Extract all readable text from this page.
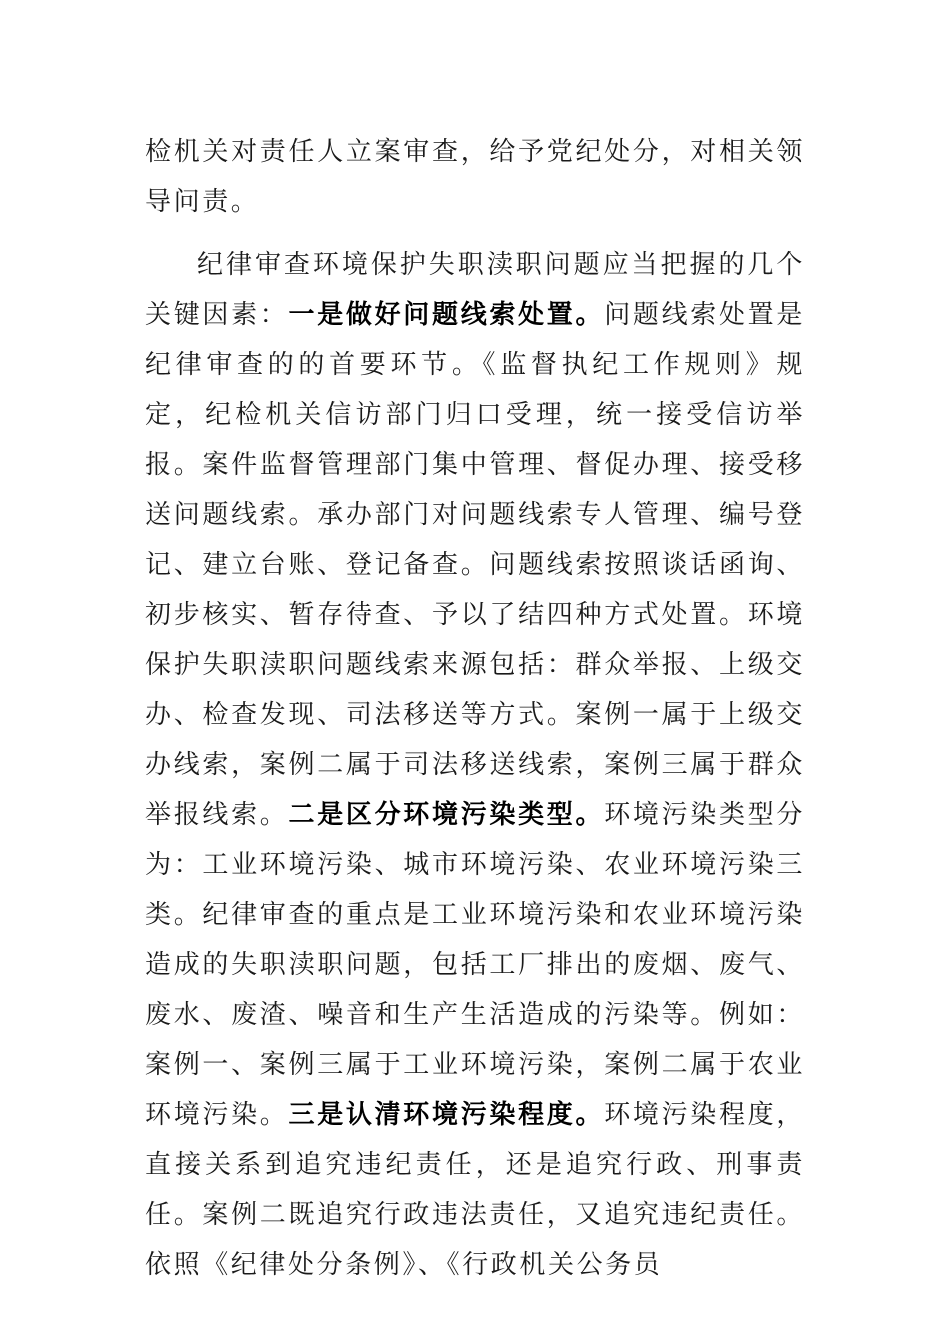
检机关对责任人立案审查，给予党纪处分，对相关领导问责。

纪律审查环境保护失职渎职问题应当把握的几个关键因素：一是做好问题线索处置。问题线索处置是纪律审查的的首要环节。《监督执纪工作规则》规定，纪检机关信访部门归口受理，统一接受信访举报。案件监督管理部门集中管理、督促办理、接受移送问题线索。承办部门对问题线索专人管理、编号登记、建立台账、登记备查。问题线索按照谈话函询、初步核实、暂存待查、予以了结四种方式处置。环境保护失职渎职问题线索来源包括：群众举报、上级交办、检查发现、司法移送等方式。案例一属于上级交办线索，案例二属于司法移送线索，案例三属于群众举报线索。二是区分环境污染类型。环境污染类型分为：工业环境污染、城市环境污染、农业环境污染三类。纪律审查的重点是工业环境污染和农业环境污染造成的失职渎职问题，包括工厂排出的废烟、废气、废水、废渣、噪音和生产生活造成的污染等。例如：案例一、案例三属于工业环境污染，案例二属于农业环境污染。三是认清环境污染程度。环境污染程度，直接关系到追究违纪责任，还是追究行政、刑事责任。案例二既追究行政违法责任，又追究违纪责任。依照《纪律处分条例》、《行政机关公务员
